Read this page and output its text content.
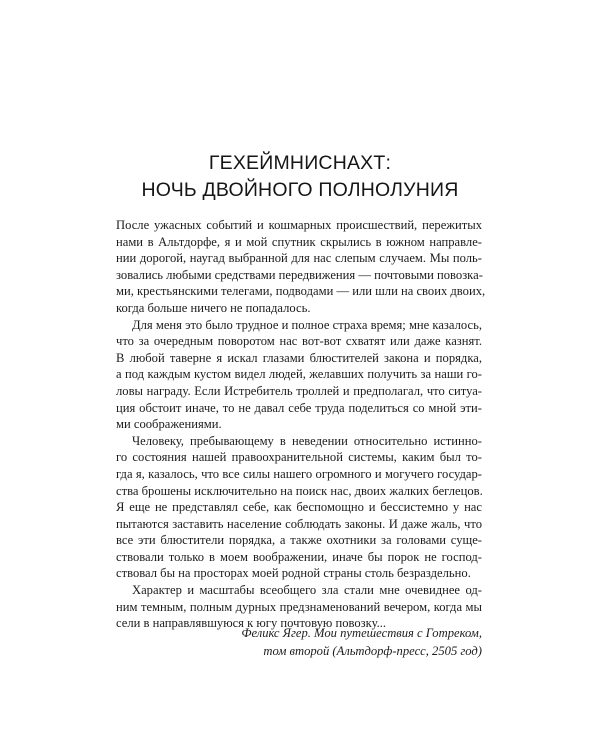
ГЕХЕЙМНИСНАХТ:
НОЧЬ ДВОЙНОГО ПОЛНОЛУНИЯ
После ужасных событий и кошмарных происшествий, пережитых
нами в Альтдорфе, я и мой спутник скрылись в южном направле-
нии дорогой, наугад выбранной для нас слепым случаем. Мы поль-
зовались любыми средствами передвижения — почтовыми повозка-
ми, крестьянскими телегами, подводами — или шли на своих двоих,
когда больше ничего не попадалось.
Для меня это было трудное и полное страха время; мне казалось,
что за очередным поворотом нас вот-вот схватят или даже казнят.
В любой таверне я искал глазами блюстителей закона и порядка,
а под каждым кустом видел людей, желавших получить за наши го-
ловы награду. Если Истребитель троллей и предполагал, что ситуа-
ция обстоит иначе, то не давал себе труда поделиться со мной эти-
ми соображениями.
Человеку, пребывающему в неведении относительно истинно-
го состояния нашей правоохранительной системы, каким был то-
гда я, казалось, что все силы нашего огромного и могучего государ-
ства брошены исключительно на поиск нас, двоих жалких беглецов.
Я еще не представлял себе, как беспомощно и бессистемно у нас
пытаются заставить население соблюдать законы. И даже жаль, что
все эти блюстители порядка, а также охотники за головами суще-
ствовали только в моем воображении, иначе бы порок не господ-
ствовал бы на просторах моей родной страны столь безраздельно.
Характер и масштабы всеобщего зла стали мне очевиднее од-
ним темным, полным дурных предзнаменований вечером, когда мы
сели в направлявшуюся к югу почтовую повозку...
Феликс Ягер. Мои путешествия с Готреком,
том второй (Альтдорф-пресс, 2505 год)
